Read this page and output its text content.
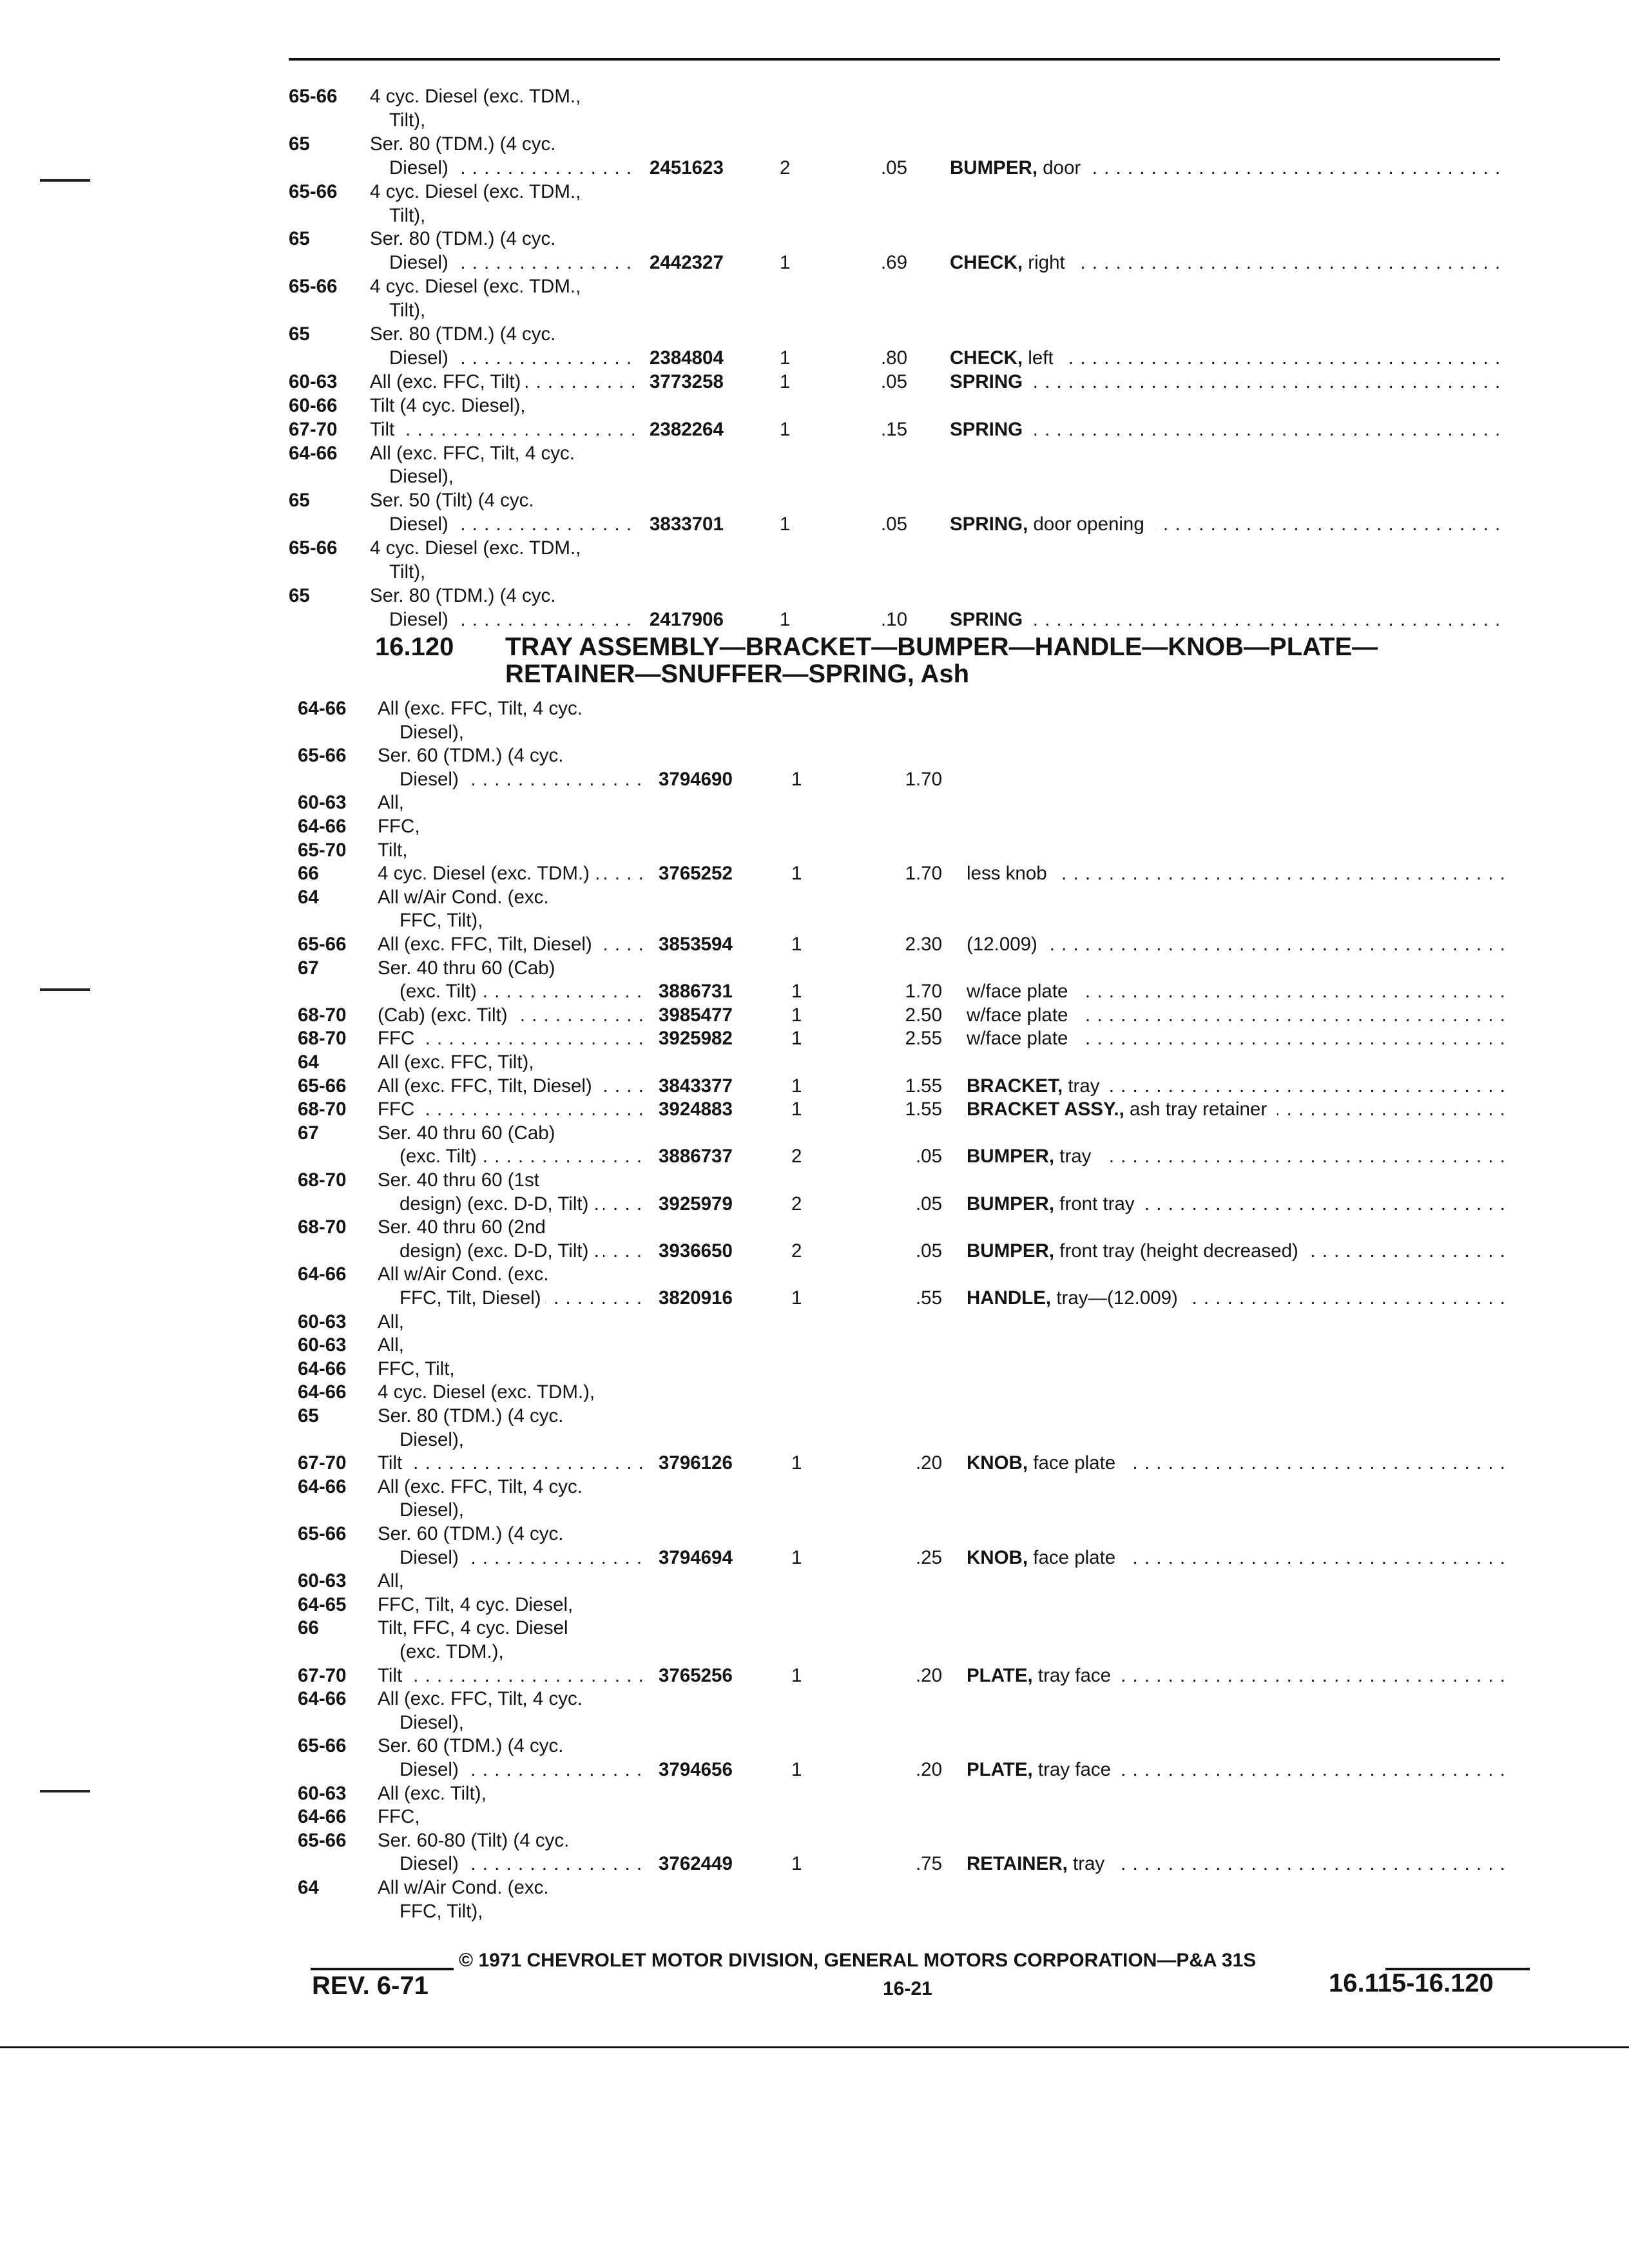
65-66 4 cyc. Diesel (exc. TDM.,
Tilt),
65	Ser. 80 (TDM.) (4 cyc.
Diesel) . . .	2451623	2	.05 BUMPER, door . . .
65-66 4 cyc. Diesel (exc. TDM.,
Tilt),
65	Ser. 80 (TDM.) (4 cyc.
Diesel) . . .	2442327	1	.69 CHECK, right . . .
65-66 4 cyc. Diesel (exc. TDM.,
Tilt),
65	Ser. 80 (TDM.) (4 cyc.
Diesel) . . .	2384804	1	.80 CHECK, left . . .
60-63 All (exc. FFC, Tilt) . . .	3773258	1	.05 SPRING . . .
60-66 Tilt (4 cyc. Diesel),
67-70 Tilt . . .	2382264	1	.15 SPRING . . .
64-66 All (exc. FFC, Tilt, 4 cyc.
Diesel),
65	Ser. 50 (Tilt) (4 cyc.
Diesel) . . .	3833701	1	.05 SPRING, door opening . . .
65-66 4 cyc. Diesel (exc. TDM.,
Tilt),
65	Ser. 80 (TDM.) (4 cyc.
Diesel) . . .	2417906	1	.10 SPRING . . .
16.120 TRAY ASSEMBLY—BRACKET—BUMPER—HANDLE—KNOB—PLATE—
RETAINER—SNUFFER—SPRING, Ash
64-66 All (exc. FFC, Tilt, 4 cyc.
Diesel),
65-66 Ser. 60 (TDM.) (4 cyc.
Diesel) . . .	3794690	1	1.70
60-63 All,
64-66 FFC,
65-70 Tilt,
66	4 cyc. Diesel (exc. TDM.) . . . .	3765252	1	1.70 less knob . . .
64	All w/Air Cond. (exc.
FFC, Tilt),
65-66 All (exc. FFC, Tilt, Diesel) . . .	3853594	1	2.30 (12.009) . . .
67	Ser. 40 thru 60 (Cab)
(exc. Tilt) . . .	3886731	1	1.70 w/face plate . . .
68-70 (Cab) (exc. Tilt) . . .	3985477	1	2.50 w/face plate . . .
68-70 FFC . . .	3925982	1	2.55 w/face plate . . .
64	All (exc. FFC, Tilt),
65-66 All (exc. FFC, Tilt, Diesel) . . .	3843377	1	1.55 BRACKET, tray . . .
68-70 FFC . . .	3924883	1	1.55 BRACKET ASSY., ash tray retainer . . .
67	Ser. 40 thru 60 (Cab)
(exc. Tilt) . . .	3886737	2	.05 BUMPER, tray . . .
68-70 Ser. 40 thru 60 (1st
design) (exc. D-D, Tilt) . . . .	3925979	2	.05 BUMPER, front tray . . .
68-70 Ser. 40 thru 60 (2nd
design) (exc. D-D, Tilt) . . . .	3936650	2	.05 BUMPER, front tray (height decreased) . . .
64-66 All w/Air Cond. (exc.
FFC, Tilt, Diesel) . . .	3820916	1	.55 HANDLE, tray—(12.009) . . .
60-63 All,
60-63 All,
64-66 FFC, Tilt,
64-66 4 cyc. Diesel (exc. TDM.),
65	Ser. 80 (TDM.) (4 cyc.
Diesel),
67-70 Tilt . . .	3796126	1	.20 KNOB, face plate . . .
64-66 All (exc. FFC, Tilt, 4 cyc.
Diesel),
65-66 Ser. 60 (TDM.) (4 cyc.
Diesel) . . .	3794694	1	.25 KNOB, face plate . . .
60-63 All,
64-65 FFC, Tilt, 4 cyc. Diesel,
66	Tilt, FFC, 4 cyc. Diesel
(exc. TDM.),
67-70 Tilt . . .	3765256	1	.20 PLATE, tray face . . .
64-66 All (exc. FFC, Tilt, 4 cyc.
Diesel),
65-66 Ser. 60 (TDM.) (4 cyc.
Diesel) . . .	3794656	1	.20 PLATE, tray face . . .
60-63 All (exc. Tilt),
64-66 FFC,
65-66 Ser. 60-80 (Tilt) (4 cyc.
Diesel) . . .	3762449	1	.75 RETAINER, tray . . .
64	All w/Air Cond. (exc.
FFC, Tilt),
© 1971 CHEVROLET MOTOR DIVISION, GENERAL MOTORS CORPORATION—P&A 31S
REV. 6-71	16-21	16.115-16.120
